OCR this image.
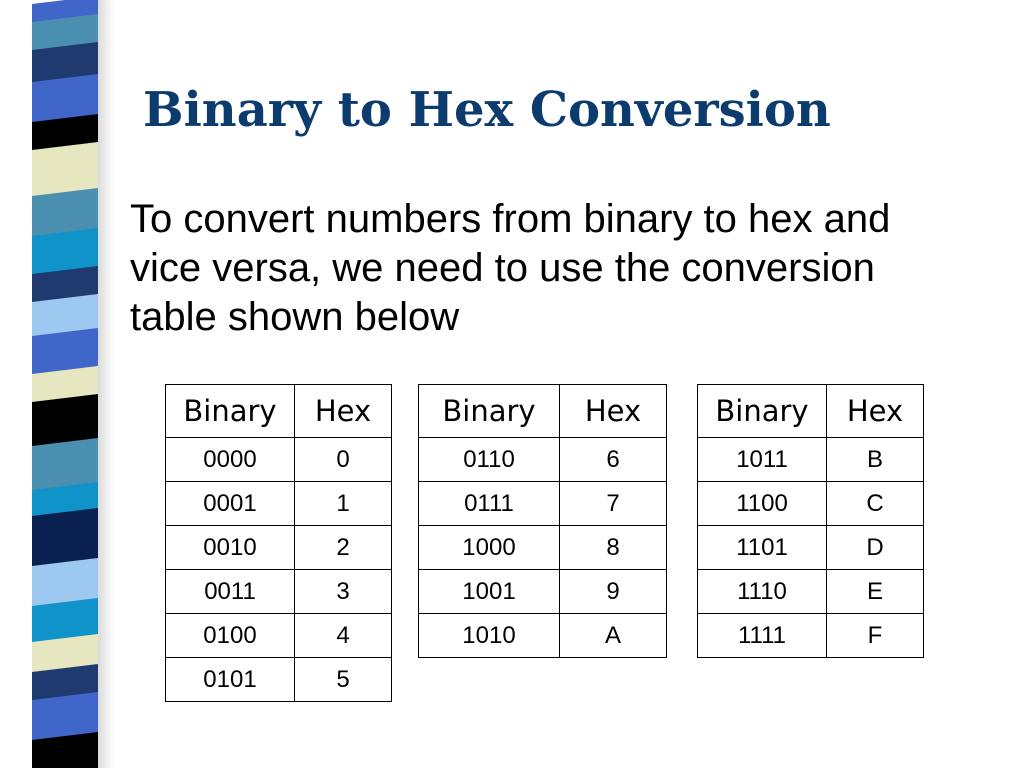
Binary to Hex Conversion
To convert numbers from binary to hex and vice versa, we need to use the conversion table shown below
Binary	Hex
0000	0
0001	1
0010	2
0011	3
0100	4
0101	5
Binary	Hex
0110	6
0111	7
1000	8
1001	9
1010	A
Binary	Hex
1011	B
1100	C
1101	D
1110	E
1111	F
